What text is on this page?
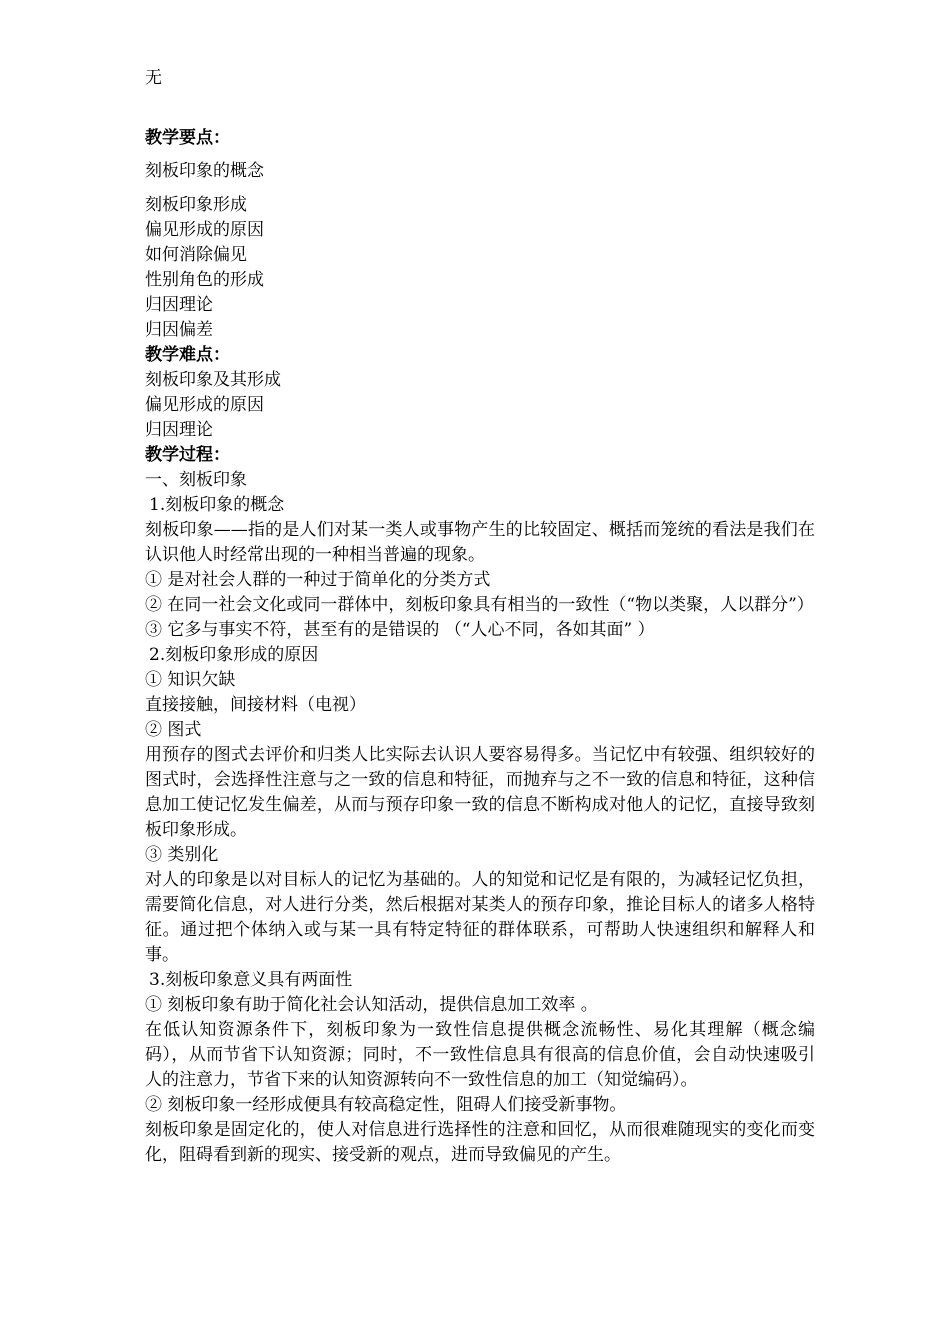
无

教学要点：

刻板印象的概念

刻板印象形成

偏见形成的原因

如何消除偏见

性别角色的形成

归因理论

归因偏差

教学难点：

刻板印象及其形成

偏见形成的原因

归因理论

教学过程：

一、刻板印象

1.刻板印象的概念

刻板印象——指的是人们对某一类人或事物产生的比较固定、概括而笼统的看法是我们在认识他人时经常出现的一种相当普遍的现象。

① 是对社会人群的一种过于简单化的分类方式

② 在同一社会文化或同一群体中，刻板印象具有相当的一致性（“物以类聚，人以群分”）

③ 它多与事实不符，甚至有的是错误的 （“人心不同，各如其面” ）

2.刻板印象形成的原因

① 知识欠缺

直接接触，间接材料（电视）

② 图式

用预存的图式去评价和归类人比实际去认识人要容易得多。当记忆中有较强、组织较好的图式时，会选择性注意与之一致的信息和特征，而抛弃与之不一致的信息和特征，这种信息加工使记忆发生偏差，从而与预存印象一致的信息不断构成对他人的记忆，直接导致刻板印象形成。

③ 类别化

对人的印象是以对目标人的记忆为基础的。人的知觉和记忆是有限的，为减轻记忆负担，需要简化信息，对人进行分类，然后根据对某类人的预存印象，推论目标人的诸多人格特征。通过把个体纳入或与某一具有特定特征的群体联系，可帮助人快速组织和解释人和事。

3.刻板印象意义具有两面性

① 刻板印象有助于简化社会认知活动，提供信息加工效率 。

在低认知资源条件下，刻板印象为一致性信息提供概念流畅性、易化其理解（概念编码），从而节省下认知资源；同时，不一致性信息具有很高的信息价值，会自动快速吸引人的注意力，节省下来的认知资源转向不一致性信息的加工（知觉编码）。

② 刻板印象一经形成便具有较高稳定性，阻碍人们接受新事物。

刻板印象是固定化的，使人对信息进行选择性的注意和回忆，从而很难随现实的变化而变化，阻碍看到新的现实、接受新的观点，进而导致偏见的产生。
